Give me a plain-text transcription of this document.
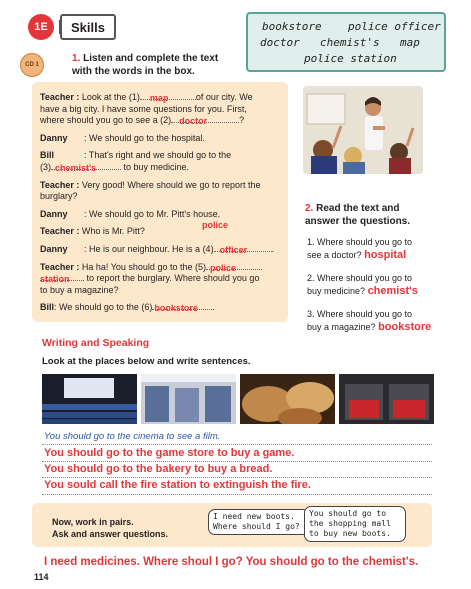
1E	Skills	bookstore police officer
doctor chemist's map
police station
CD 1
1. Listen and complete the text
with the words in the box.
Teacher : Look at the (1) map	of our city. We
have a big city. I have some questions for you. First,
where should you go to see a (2) doctor	?
Danny : We should go to the hospital.
Bill	: That's right and we should go to the
(3) chemist's	to buy medicine.
Teacher : Very good! Where should we go to report the
burglary?
Danny : We should go to Mr. Pitt's house.
Teacher : Who is Mr. Pitt?
police
Danny : He is our neighbour. He is a (4) officer	.
Teacher : Ha ha! You should go to the (5) police
station to report the burglary. Where should you go
to buy a magazine?
Bill: We should go to the (6) bookstore .
2. Read the text and
answer the questions.
1. Where should you go to
see a doctor? hospital
2. Where should you go to
buy medicine? chemist's
3. Where should you go to
buy a magazine? bookstore
Writing and Speaking
Look at the places below and write sentences.
You should go to the cinema to see a film.
You should go to the game store to buy a game.
You should go to the bakery to buy a bread.
You sould call the fire station to extinguish the fire.
Now, work in pairs.
Ask and answer questions.
I need new boots.
Where should I go?
You should go to
the shopping mall
to buy new boots.
I need medicines. Where shoul I go? You should go to the chemist's.
114
